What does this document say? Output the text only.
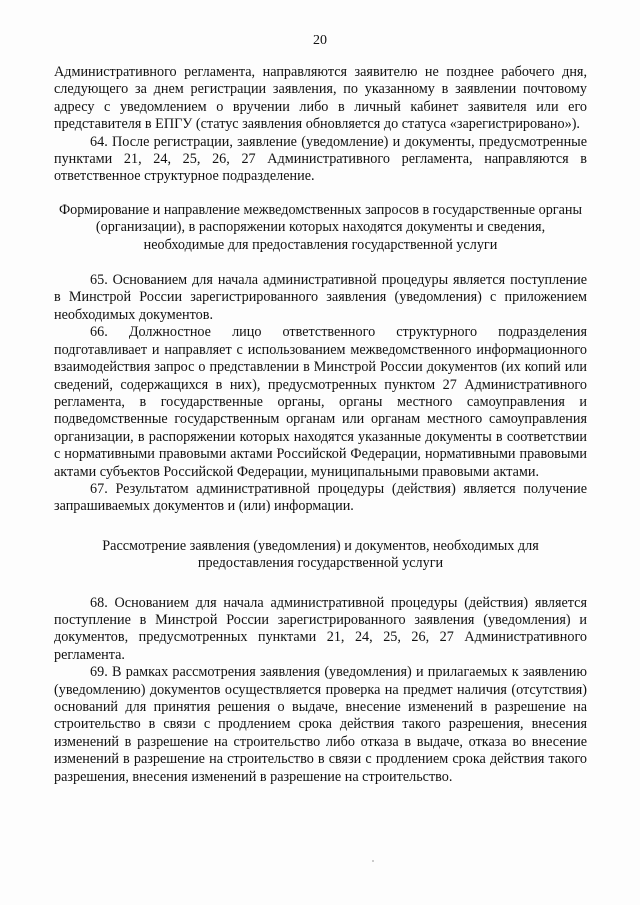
20

Административного регламента, направляются заявителю не позднее рабочего дня, следующего за днем регистрации заявления, по указанному в заявлении почтовому адресу с уведомлением о вручении либо в личный кабинет заявителя или его представителя в ЕПГУ (статус заявления обновляется до статуса «зарегистрировано»).

64. После регистрации, заявление (уведомление) и документы, предусмотренные пунктами 21, 24, 25, 26, 27 Административного регламента, направляются в ответственное структурное подразделение.

Формирование и направление межведомственных запросов в государственные органы (организации), в распоряжении которых находятся документы и сведения, необходимые для предоставления государственной услуги

65. Основанием для начала административной процедуры является поступление в Минстрой России зарегистрированного заявления (уведомления) с приложением необходимых документов.

66. Должностное лицо ответственного структурного подразделения подготавливает и направляет с использованием межведомственного информационного взаимодействия запрос о представлении в Минстрой России документов (их копий или сведений, содержащихся в них), предусмотренных пунктом 27 Административного регламента, в государственные органы, органы местного самоуправления и подведомственные государственным органам или органам местного самоуправления организации, в распоряжении которых находятся указанные документы в соответствии с нормативными правовыми актами Российской Федерации, нормативными правовыми актами субъектов Российской Федерации, муниципальными правовыми актами.

67. Результатом административной процедуры (действия) является получение запрашиваемых документов и (или) информации.

Рассмотрение заявления (уведомления) и документов, необходимых для предоставления государственной услуги

68. Основанием для начала административной процедуры (действия) является поступление в Минстрой России зарегистрированного заявления (уведомления) и документов, предусмотренных пунктами 21, 24, 25, 26, 27 Административного регламента.

69. В рамках рассмотрения заявления (уведомления) и прилагаемых к заявлению (уведомлению) документов осуществляется проверка на предмет наличия (отсутствия) оснований для принятия решения о выдаче, внесение изменений в разрешение на строительство в связи с продлением срока действия такого разрешения, внесения изменений в разрешение на строительство либо отказа в выдаче, отказа во внесение изменений в разрешение на строительство в связи с продлением срока действия такого разрешения, внесения изменений в разрешение на строительство.
